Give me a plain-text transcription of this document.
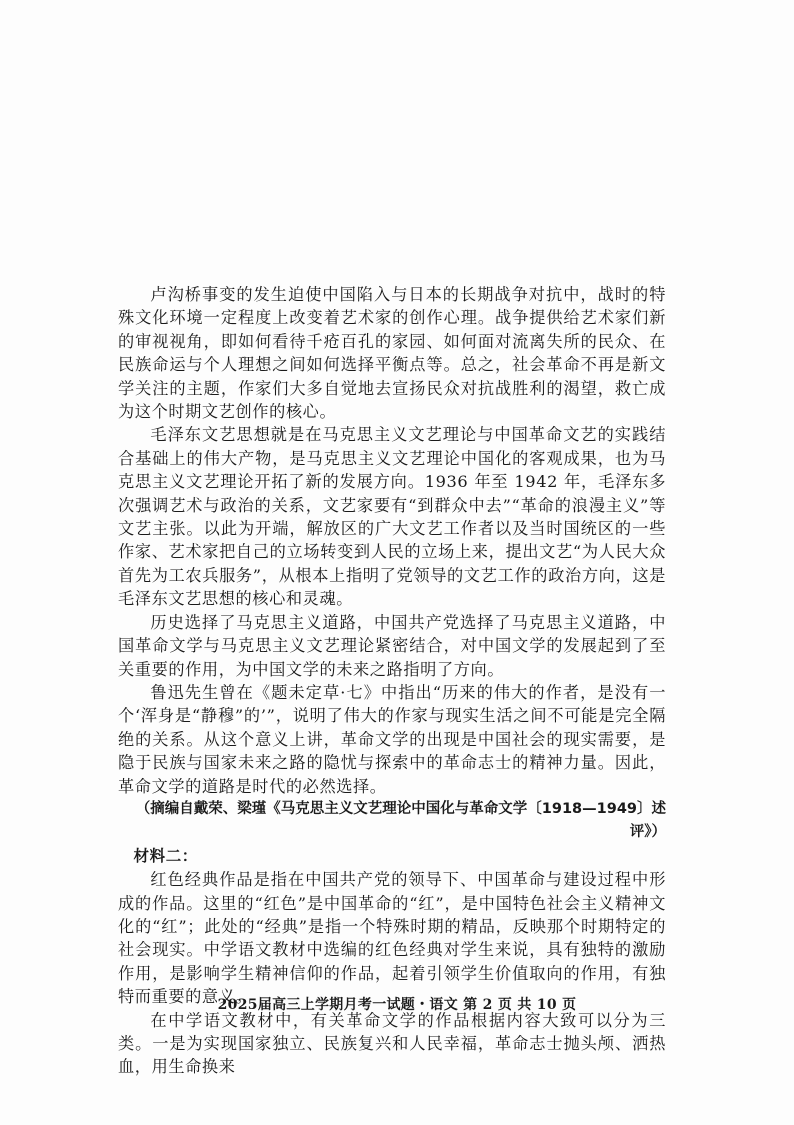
卢沟桥事变的发生迫使中国陷入与日本的长期战争对抗中，战时的特殊文化环境一定程度上改变着艺术家的创作心理。战争提供给艺术家们新的审视视角，即如何看待千疮百孔的家园、如何面对流离失所的民众、在民族命运与个人理想之间如何选择平衡点等。总之，社会革命不再是新文学关注的主题，作家们大多自觉地去宣扬民众对抗战胜利的渴望，救亡成为这个时期文艺创作的核心。

毛泽东文艺思想就是在马克思主义文艺理论与中国革命文艺的实践结合基础上的伟大产物，是马克思主义文艺理论中国化的客观成果，也为马克思主义文艺理论开拓了新的发展方向。1936 年至 1942 年，毛泽东多次强调艺术与政治的关系，文艺家要有“到群众中去”“革命的浪漫主义”等文艺主张。以此为开端，解放区的广大文艺工作者以及当时国统区的一些作家、艺术家把自己的立场转变到人民的立场上来，提出文艺“为人民大众首先为工农兵服务”，从根本上指明了党领导的文艺工作的政治方向，这是毛泽东文艺思想的核心和灵魂。

历史选择了马克思主义道路，中国共产党选择了马克思主义道路，中国革命文学与马克思主义文艺理论紧密结合，对中国文学的发展起到了至关重要的作用，为中国文学的未来之路指明了方向。

鲁迅先生曾在《题未定草·七》中指出“历来的伟大的作者，是没有一个‘浑身是“静穆”的’”，说明了伟大的作家与现实生活之间不可能是完全隔绝的关系。从这个意义上讲，革命文学的出现是中国社会的现实需要，是隐于民族与国家未来之路的隐忧与探索中的革命志士的精神力量。因此，革命文学的道路是时代的必然选择。

（摘编自戴荣、梁瑾《马克思主义文艺理论中国化与革命文学〔1918—1949〕述评》）

材料二：

红色经典作品是指在中国共产党的领导下、中国革命与建设过程中形成的作品。这里的“红色”是中国革命的“红”，是中国特色社会主义精神文化的“红”；此处的“经典”是指一个特殊时期的精品，反映那个时期特定的社会现实。中学语文教材中选编的红色经典对学生来说，具有独特的激励作用，是影响学生精神信仰的作品，起着引领学生价值取向的作用，有独特而重要的意义。

在中学语文教材中，有关革命文学的作品根据内容大致可以分为三类。一是为实现国家独立、民族复兴和人民幸福，革命志士抛头颅、洒热血，用生命换来

2025届高三上学期月考一试题・语文 第 2 页 共 10 页
